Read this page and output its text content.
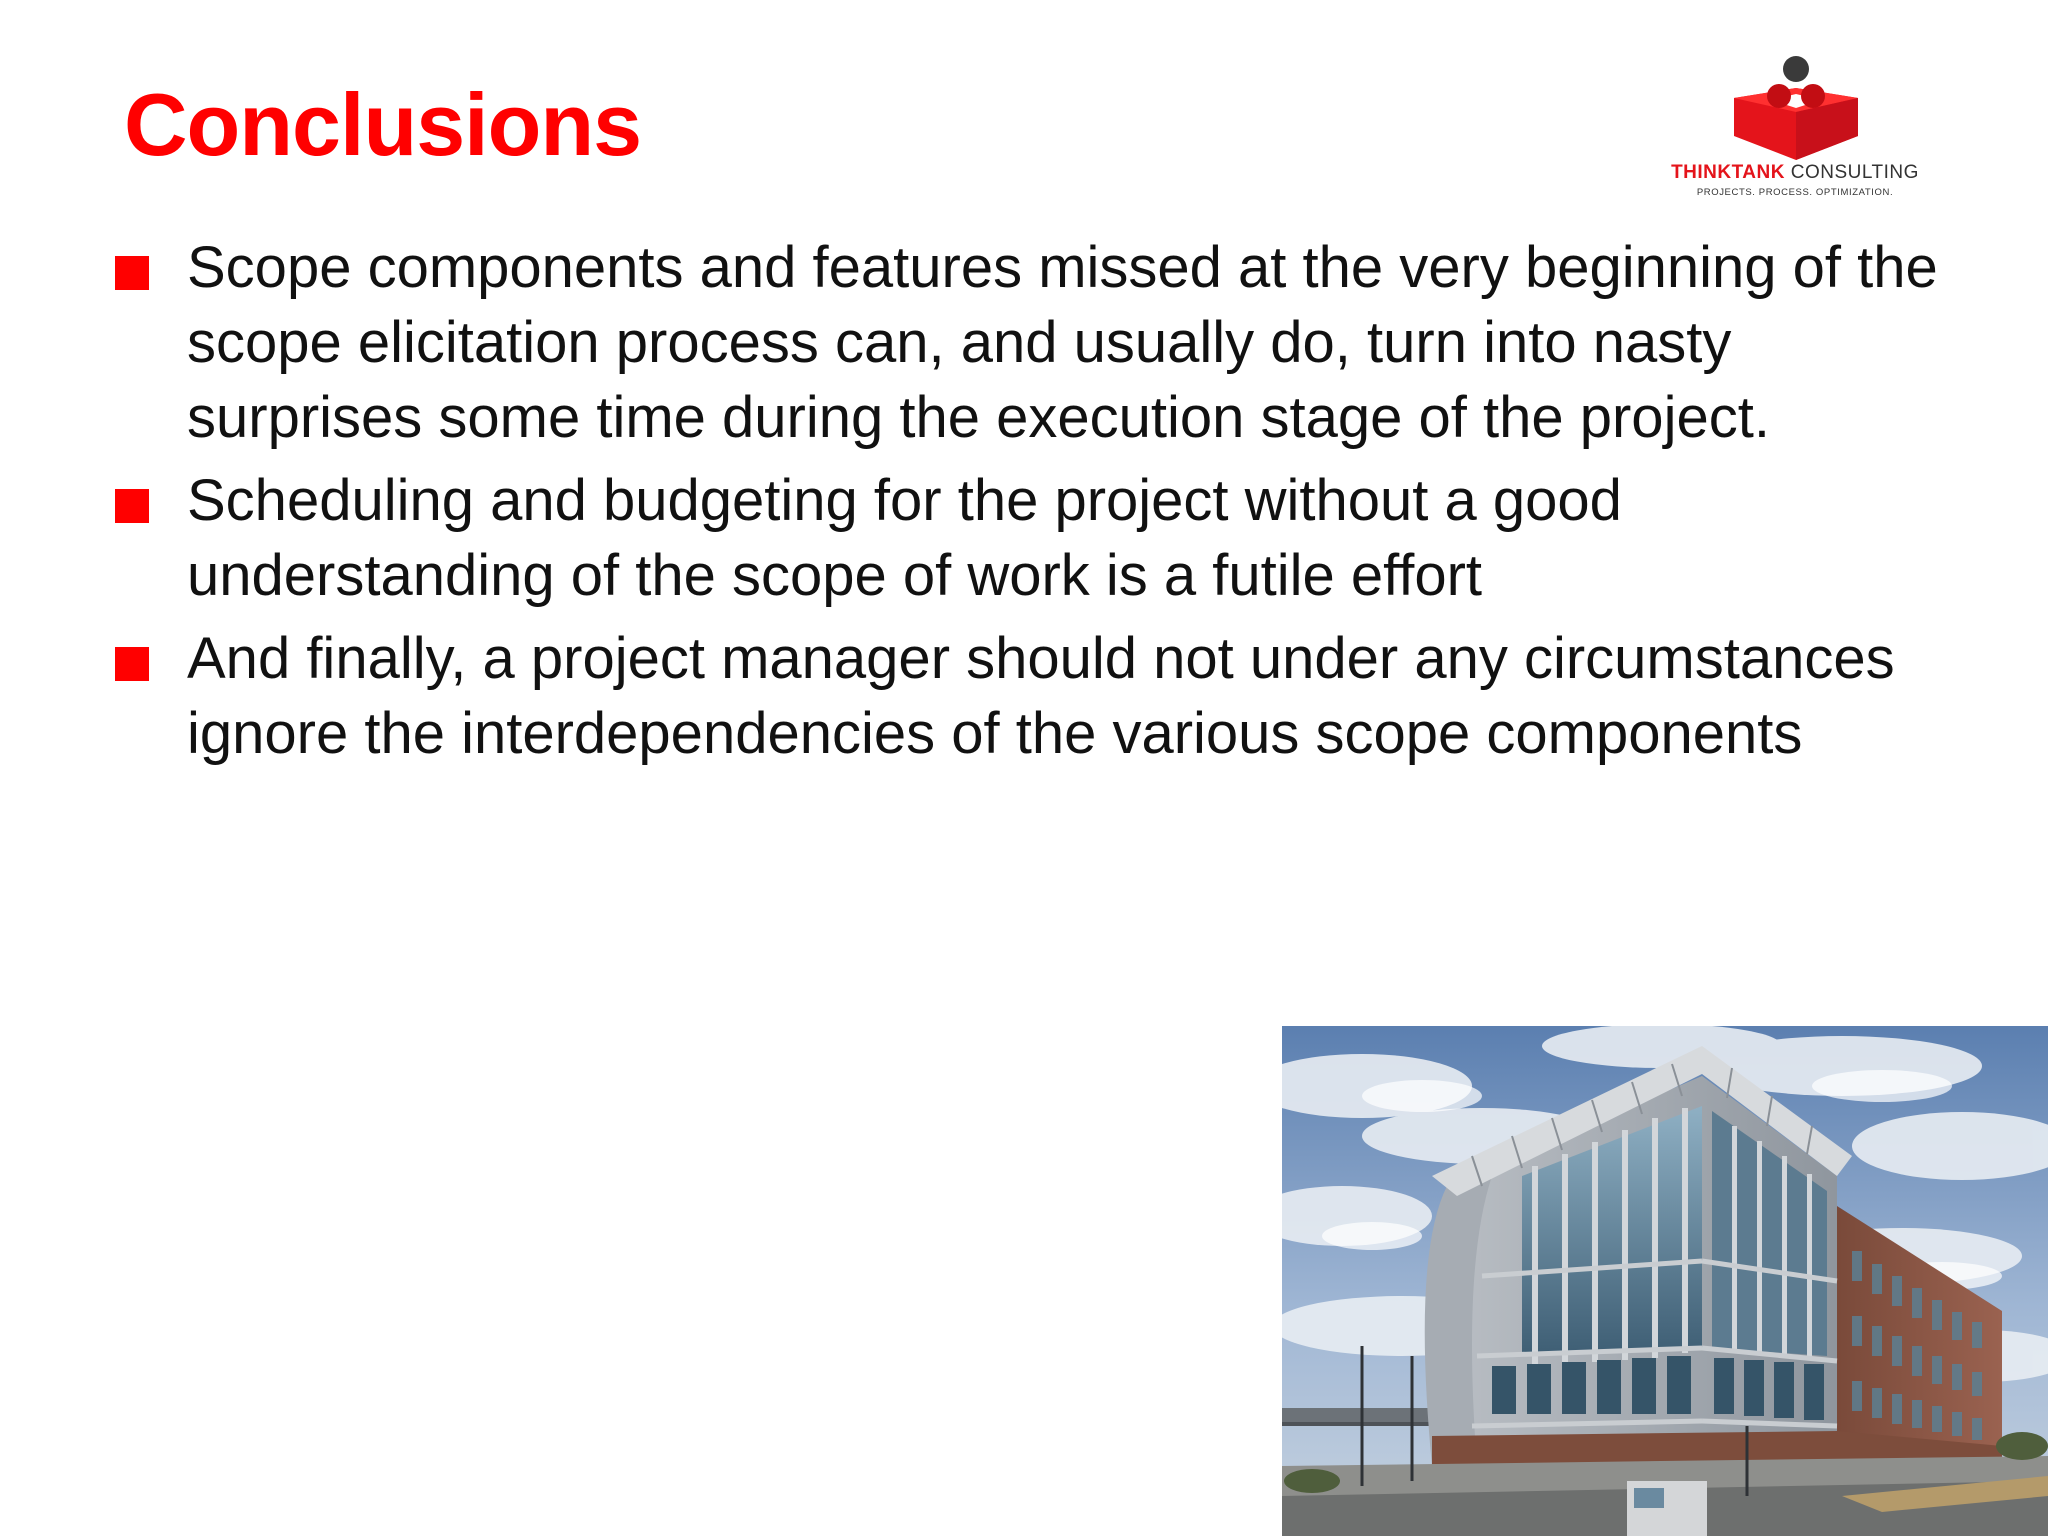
Conclusions	THINKTANK CONSULTING
PROJECTS. PROCESS. OPTIMIZATION.
Scope components and features missed at the very beginning of the scope elicitation process can, and usually do, turn into nasty surprises some time during the execution stage of the project.
Scheduling and budgeting for the project without a good understanding of the scope of work is a futile effort
And finally, a project manager should not under any circumstances ignore the interdependencies of the various scope components
